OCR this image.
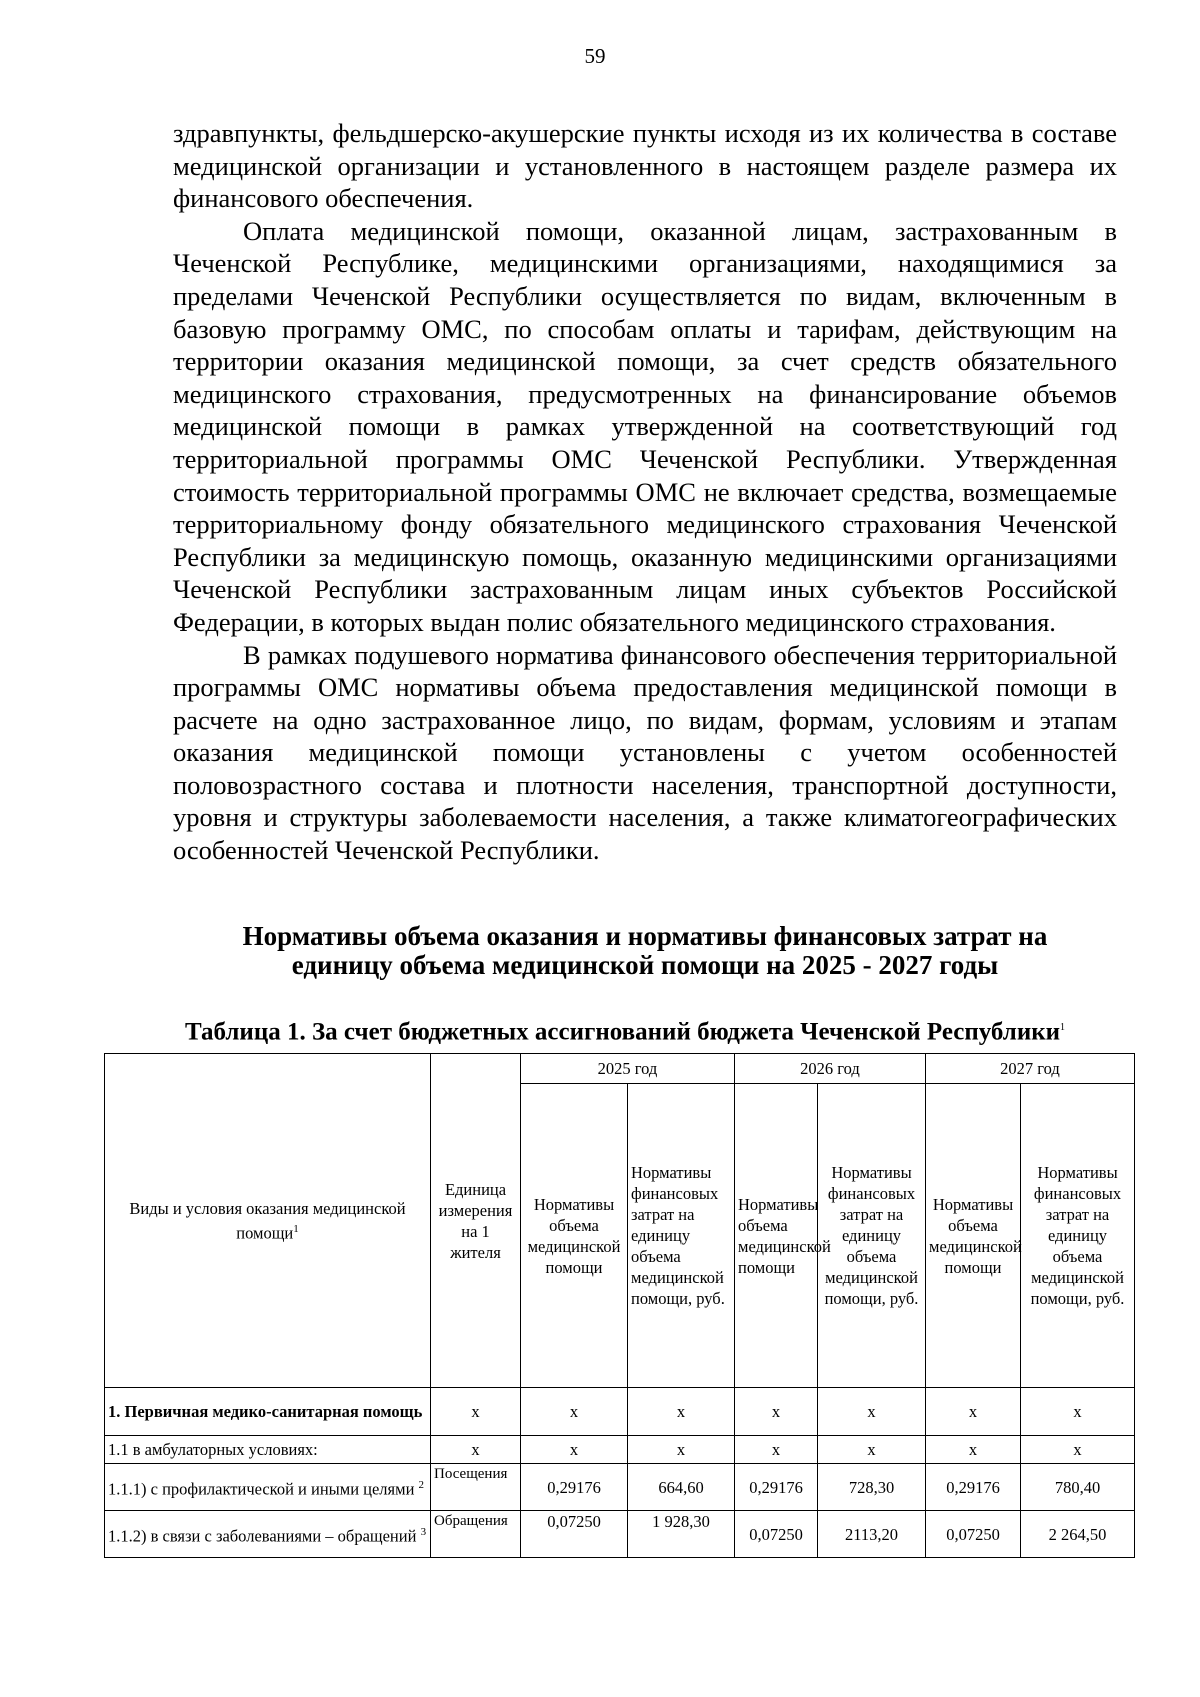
59

здравпункты, фельдшерско-акушерские пункты исходя из их количества в составе медицинской организации и установленного в настоящем разделе размера их финансового обеспечения.

Оплата медицинской помощи, оказанной лицам, застрахованным в Чеченской Республике, медицинскими организациями, находящимися за пределами Чеченской Республики осуществляется по видам, включенным в базовую программу ОМС, по способам оплаты и тарифам, действующим на территории оказания медицинской помощи, за счет средств обязательного медицинского страхования, предусмотренных на финансирование объемов медицинской помощи в рамках утвержденной на соответствующий год территориальной программы ОМС Чеченской Республики. Утвержденная стоимость территориальной программы ОМС не включает средства, возмещаемые территориальному фонду обязательного медицинского страхования Чеченской Республики за медицинскую помощь, оказанную медицинскими организациями Чеченской Республики застрахованным лицам иных субъектов Российской Федерации, в которых выдан полис обязательного медицинского страхования.

В рамках подушевого норматива финансового обеспечения территориальной программы ОМС нормативы объема предоставления медицинской помощи в расчете на одно застрахованное лицо, по видам, формам, условиям и этапам оказания медицинской помощи установлены с учетом особенностей половозрастного состава и плотности населения, транспортной доступности, уровня и структуры заболеваемости населения, а также климатогеографических особенностей Чеченской Республики.

Нормативы объема оказания и нормативы финансовых затрат на
единицу объема медицинской помощи на 2025 - 2027 годы
Таблица 1. За счет бюджетных ассигнований бюджета Чеченской Республики$^1$
Виды и условия оказания медицинской помощи$^1$	Единица измерения на 1 жителя	2025 год		2026 год		2027 год	
		Нормативы объема медицинской помощи	Нормативы финансовых затрат на единицу объема медицинской помощи, руб.	Нормативы объема медицинской помощи	Нормативы финансовых затрат на единицу объема медицинской помощи, руб.	Нормативы объема медицинской помощи	Нормативы финансовых затрат на единицу объема медицинской помощи, руб.
1. Первичная медико-санитарная помощь	х	х	х	х	х	х	х
1.1 в амбулаторных условиях:	х	х	х	х	х	х	х
1.1.1) с профилактической и иными целями $^2$	Посещения	0,29176	664,60	0,29176	728,30	0,29176	780,40
1.1.2) в связи с заболеваниями – обращений $^3$	Обращения	0,07250	1 928,30	0,07250	2113,20	0,07250	2 264,50
